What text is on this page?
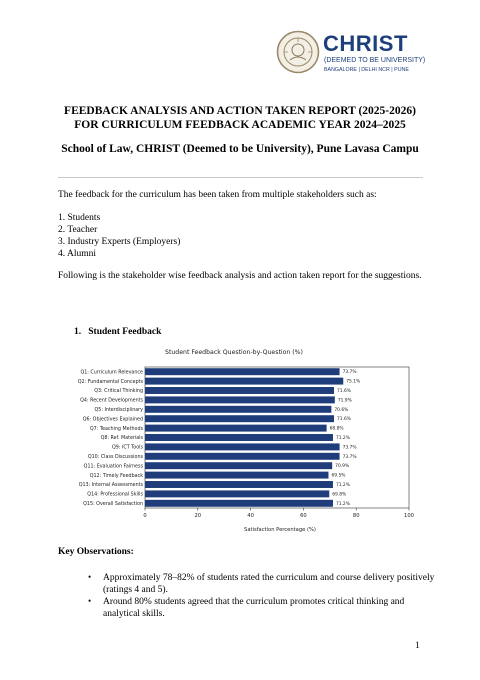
CHRIST
(DEEMED TO BE UNIVERSITY)
BANGALORE | DELHI NCR | PUNE
FEEDBACK ANALYSIS AND ACTION TAKEN REPORT (2025-2026)
FOR CURRICULUM FEEDBACK ACADEMIC YEAR 2024–2025
School of Law, CHRIST (Deemed to be University), Pune Lavasa Campu
The feedback for the curriculum has been taken from multiple stakeholders such as:
1. Students
2. Teacher
3. Industry Experts (Employers)
4. Alumni
Following is the stakeholder wise feedback analysis and action taken report for the suggestions.
1.   Student Feedback
Student Feedback Question-by-Question (%)
Q1: Curriculum Relevance	73.7%
Q2: Fundamental Concepts	75.1%
Q3: Critical Thinking	71.6%
Q4: Recent Developments	71.9%
Q5: Interdisciplinary	70.6%
Q6: Objectives Explained	71.6%
Q7: Teaching Methods	68.8%
Q8: Ref. Materials	71.2%
Q9: ICT Tools	73.7%
Q10: Class Discussions	73.7%
Q11: Evaluation Fairness	70.9%
Q12: Timely Feedback	69.5%
Q13: Internal Assessments	71.2%
Q14: Professional Skills	69.8%
Q15: Overall Satisfaction	71.2%
0	20	40	60	80	100
Satisfaction Percentage (%)
Key Observations:
• Approximately 78–82% of students rated the curriculum and course delivery positively
(ratings 4 and 5).
• Around 80% students agreed that the curriculum promotes critical thinking and
analytical skills.
1
